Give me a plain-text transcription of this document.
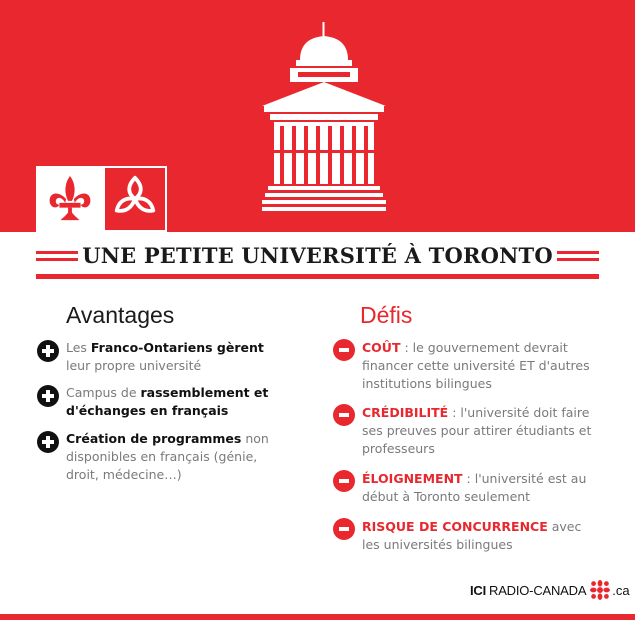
UNE PETITE UNIVERSITÉ À TORONTO
Avantages	Défis
Les Franco-Ontariens gèrent leur propre université
Campus de rassemblement et d'échanges en français
Création de programmes non disponibles en français (génie, droit, médecine…)
COÛT : le gouvernement devrait financer cette université ET d'autres institutions bilingues
CRÉDIBILITÉ : l'université doit faire ses preuves pour attirer étudiants et professeurs
ÉLOIGNEMENT : l'université est au début à Toronto seulement
RISQUE DE CONCURRENCE avec les universités bilingues
ICI RADIO-CANADA .ca
